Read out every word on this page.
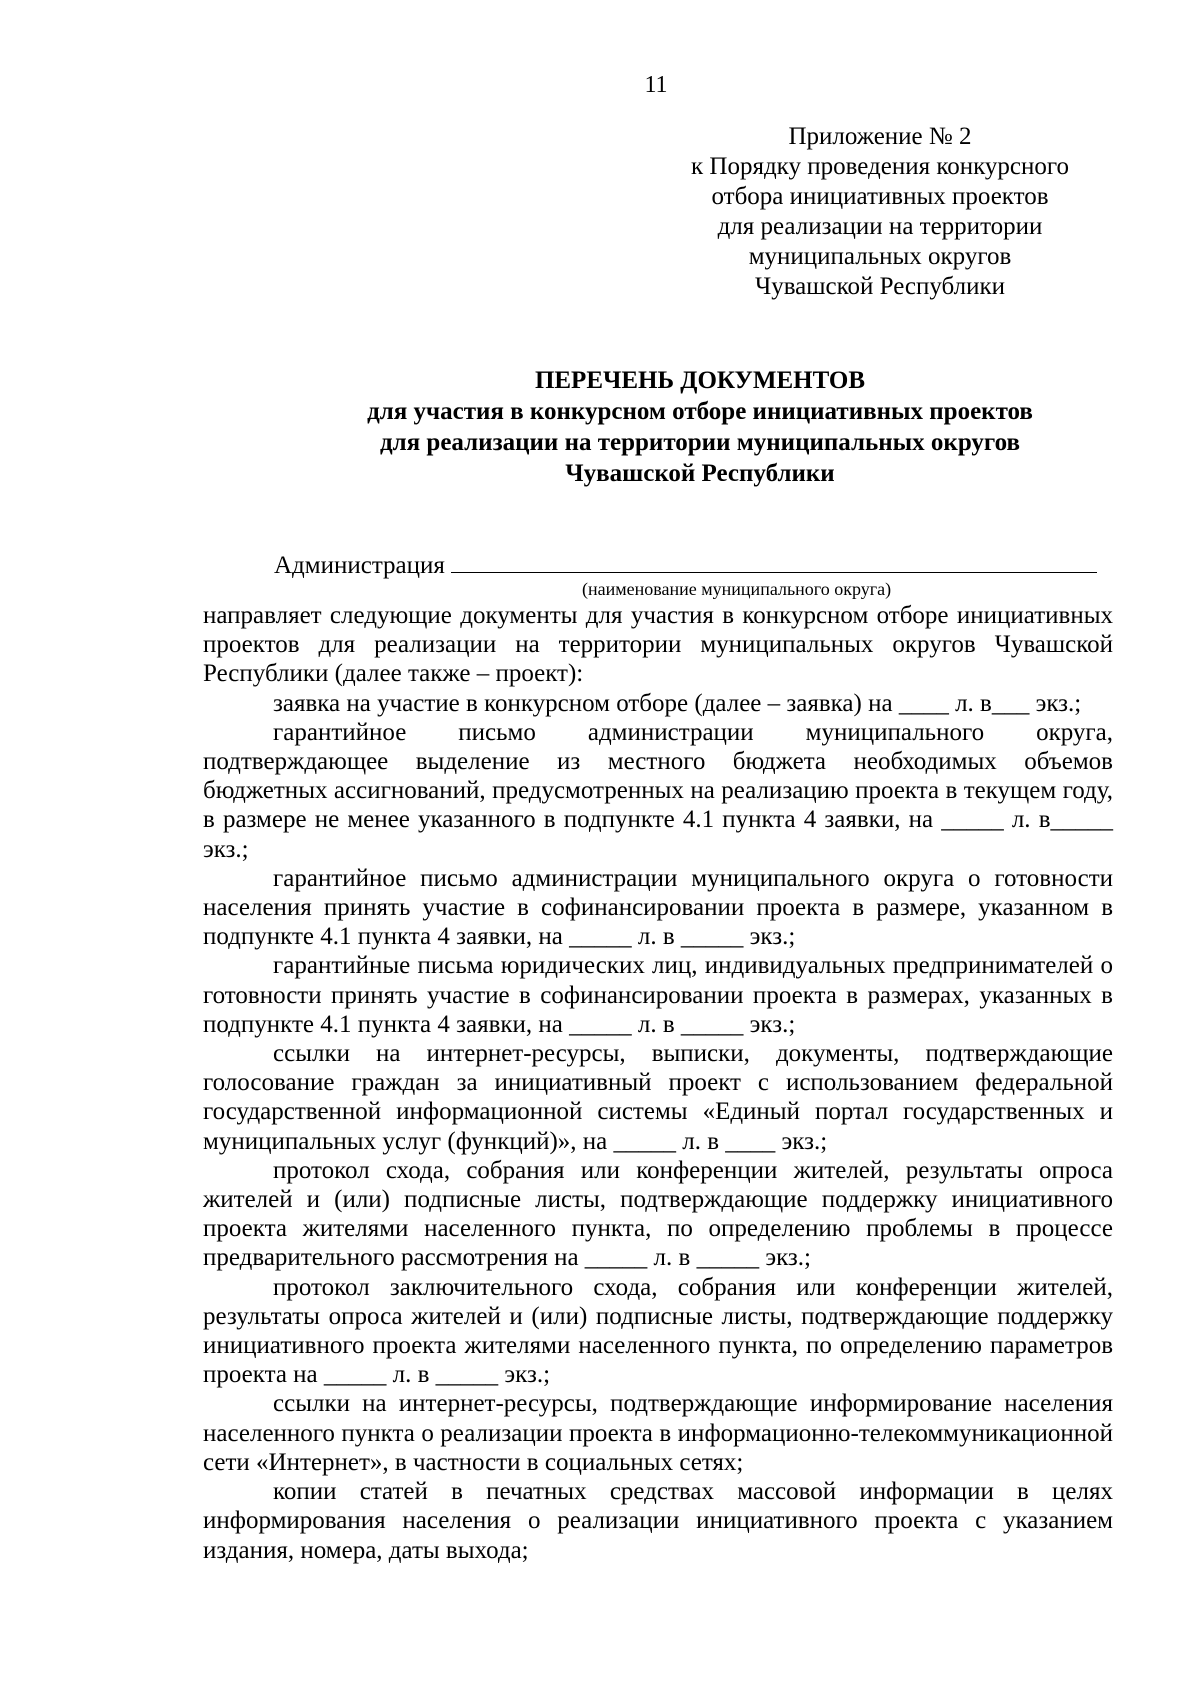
11
Приложение № 2
к Порядку проведения конкурсного
отбора инициативных проектов
для реализации на территории
муниципальных округов
Чувашской Республики
ПЕРЕЧЕНЬ ДОКУМЕНТОВ
для участия в конкурсном отборе инициативных проектов
для реализации на территории муниципальных округов
Чувашской Республики
Администрация
(наименование муниципального округа)

направляет следующие документы для участия в конкурсном отборе инициативных проектов для реализации на территории муниципальных округов Чувашской Республики (далее также – проект):

заявка на участие в конкурсном отборе (далее – заявка) на ____ л. в___ экз.;

гарантийное письмо администрации муниципального округа, подтверждающее выделение из местного бюджета необходимых объемов бюджетных ассигнований, предусмотренных на реализацию проекта в текущем году, в размере не менее указанного в подпункте 4.1 пункта 4 заявки, на _____ л. в_____ экз.;

гарантийное письмо администрации муниципального округа о готовности населения принять участие в софинансировании проекта в размере, указанном в подпункте 4.1 пункта 4 заявки, на _____ л. в _____ экз.;

гарантийные письма юридических лиц, индивидуальных предпринимателей о готовности принять участие в софинансировании проекта в размерах, указанных в подпункте 4.1 пункта 4 заявки, на _____ л. в _____ экз.;

ссылки на интернет-ресурсы, выписки, документы, подтверждающие голосование граждан за инициативный проект с использованием федеральной государственной информационной системы «Единый портал государственных и муниципальных услуг (функций)», на _____ л. в ____ экз.;

протокол схода, собрания или конференции жителей, результаты опроса жителей и (или) подписные листы, подтверждающие поддержку инициативного проекта жителями населенного пункта, по определению проблемы в процессе предварительного рассмотрения на _____ л. в _____ экз.;

протокол заключительного схода, собрания или конференции жителей, результаты опроса жителей и (или) подписные листы, подтверждающие поддержку инициативного проекта жителями населенного пункта, по определению параметров проекта на _____ л. в _____ экз.;

ссылки на интернет-ресурсы, подтверждающие информирование населения населенного пункта о реализации проекта в информационно-телекоммуникационной сети «Интернет», в частности в социальных сетях;

копии статей в печатных средствах массовой информации в целях информирования населения о реализации инициативного проекта с указанием издания, номера, даты выхода;
